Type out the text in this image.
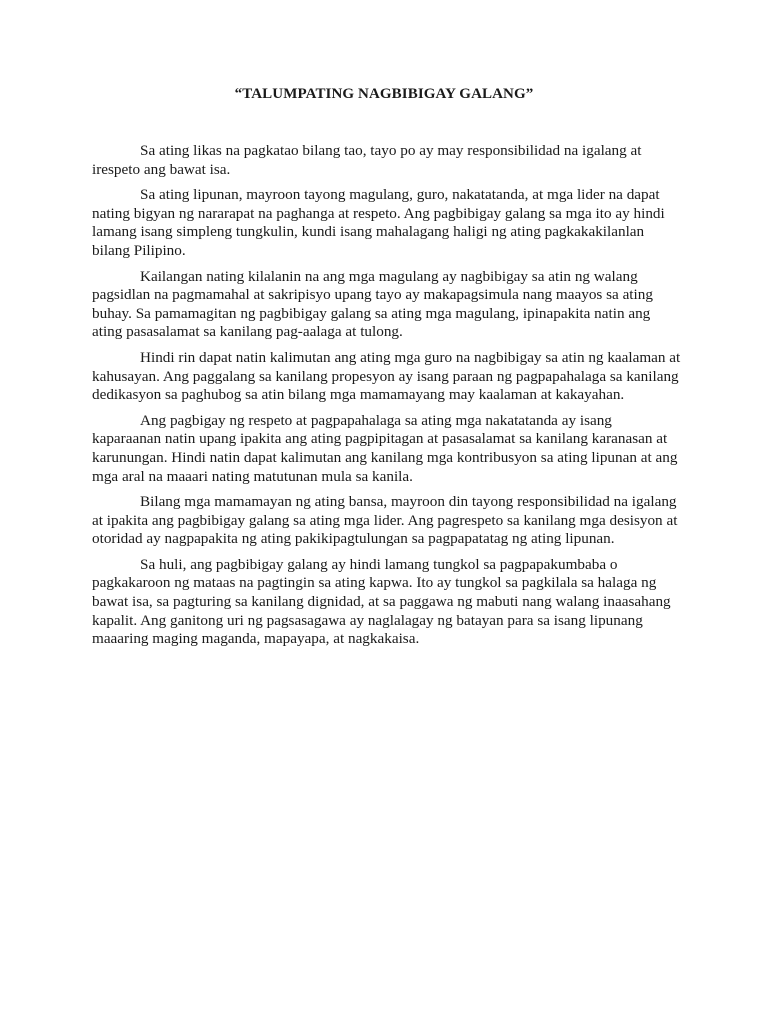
“TALUMPATING NAGBIBIGAY GALANG”

Sa ating likas na pagkatao bilang tao, tayo po ay may responsibilidad na igalang at irespeto ang bawat isa.

Sa ating lipunan, mayroon tayong magulang, guro, nakatatanda, at mga lider na dapat nating bigyan ng nararapat na paghanga at respeto. Ang pagbibigay galang sa mga ito ay hindi lamang isang simpleng tungkulin, kundi isang mahalagang haligi ng ating pagkakakilanlan bilang Pilipino.

Kailangan nating kilalanin na ang mga magulang ay nagbibigay sa atin ng walang pagsidlan na pagmamahal at sakripisyo upang tayo ay makapagsimula nang maayos sa ating buhay. Sa pamamagitan ng pagbibigay galang sa ating mga magulang, ipinapakita natin ang ating pasasalamat sa kanilang pag-aalaga at tulong.

Hindi rin dapat natin kalimutan ang ating mga guro na nagbibigay sa atin ng kaalaman at kahusayan. Ang paggalang sa kanilang propesyon ay isang paraan ng pagpapahalaga sa kanilang dedikasyon sa paghubog sa atin bilang mga mamamayang may kaalaman at kakayahan.

Ang pagbigay ng respeto at pagpapahalaga sa ating mga nakatatanda ay isang kaparaanan natin upang ipakita ang ating pagpipitagan at pasasalamat sa kanilang karanasan at karunungan. Hindi natin dapat kalimutan ang kanilang mga kontribusyon sa ating lipunan at ang mga aral na maaari nating matutunan mula sa kanila.

Bilang mga mamamayan ng ating bansa, mayroon din tayong responsibilidad na igalang at ipakita ang pagbibigay galang sa ating mga lider. Ang pagrespeto sa kanilang mga desisyon at otoridad ay nagpapakita ng ating pakikipagtulungan sa pagpapatatag ng ating lipunan.

Sa huli, ang pagbibigay galang ay hindi lamang tungkol sa pagpapakumbaba o pagkakaroon ng mataas na pagtingin sa ating kapwa. Ito ay tungkol sa pagkilala sa halaga ng bawat isa, sa pagturing sa kanilang dignidad, at sa paggawa ng mabuti nang walang inaasahang kapalit. Ang ganitong uri ng pagsasagawa ay naglalagay ng batayan para sa isang lipunang maaaring maging maganda, mapayapa, at nagkakaisa.
